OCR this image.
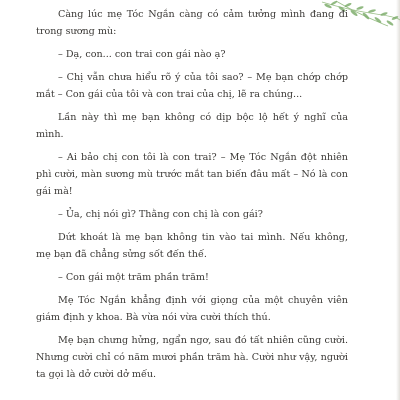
Càng lúc mẹ Tóc Ngắn càng có cảm tưởng mình đang đi trong sương mù:

– Dạ, con... con trai con gái nào ạ?

– Chị vẫn chưa hiểu rõ ý của tôi sao? – Mẹ bạn chớp chớp mắt – Con gái của tôi và con trai của chị, lẽ ra chúng...

Lần này thì mẹ bạn không có dịp bộc lộ hết ý nghĩ của mình.

– Ai bảo chị con tôi là con trai? – Mẹ Tóc Ngắn đột nhiên phì cười, màn sương mù trước mắt tan biến đâu mất – Nó là con gái mà!

– Ủa, chị nói gì? Thằng con chị là con gái?

Dứt khoát là mẹ bạn không tin vào tai mình. Nếu không, mẹ bạn đã chẳng sửng sốt đến thế.

– Con gái một trăm phần trăm!

Mẹ Tóc Ngắn khẳng định với giọng của một chuyên viên giám định y khoa. Bà vừa nói vừa cười thích thú.

Mẹ bạn chưng hửng, ngẩn ngơ, sau đó tất nhiên cũng cười. Nhưng cười chỉ có năm mươi phần trăm hà. Cười như vậy, người ta gọi là dở cười dở mếu.
